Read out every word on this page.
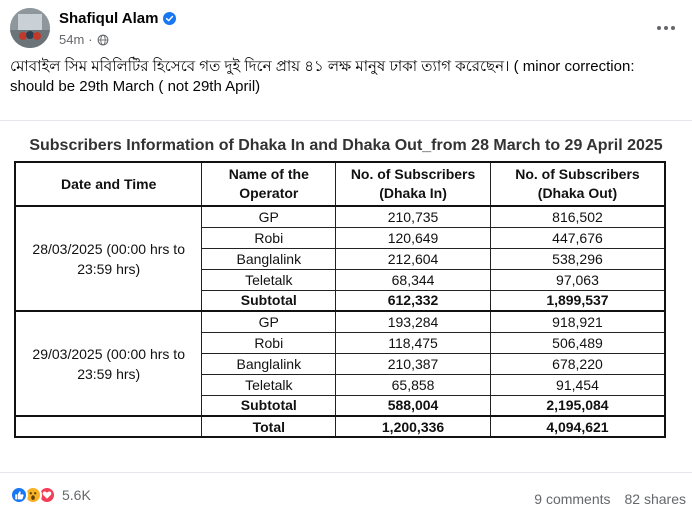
Shafiqul Alam
54m ·
মোবাইল সিম মবিলিটির হিসেবে গত দুই দিনে প্রায় ৪১ লক্ষ মানুষ ঢাকা ত্যাগ করেছেন। ( minor correction: should be 29th March ( not 29th April)
Subscribers Information of Dhaka In and Dhaka Out_from 28 March to 29 April 2025
Date and Time	Name of the Operator	No. of Subscribers (Dhaka In)	No. of Subscribers (Dhaka Out)

28/03/2025 (00:00 hrs to 23:59 hrs)	GP	210,735	816,502
	Robi	120,649	447,676
	Banglalink	212,604	538,296
	Teletalk	68,344	97,063
	Subtotal	612,332	1,899,537
29/03/2025 (00:00 hrs to 23:59 hrs)	GP	193,284	918,921
	Robi	118,475	506,489
	Banglalink	210,387	678,220
	Teletalk	65,858	91,454
	Subtotal	588,004	2,195,084
	Total	1,200,336	4,094,621
5.6K	9 comments 82 shares
